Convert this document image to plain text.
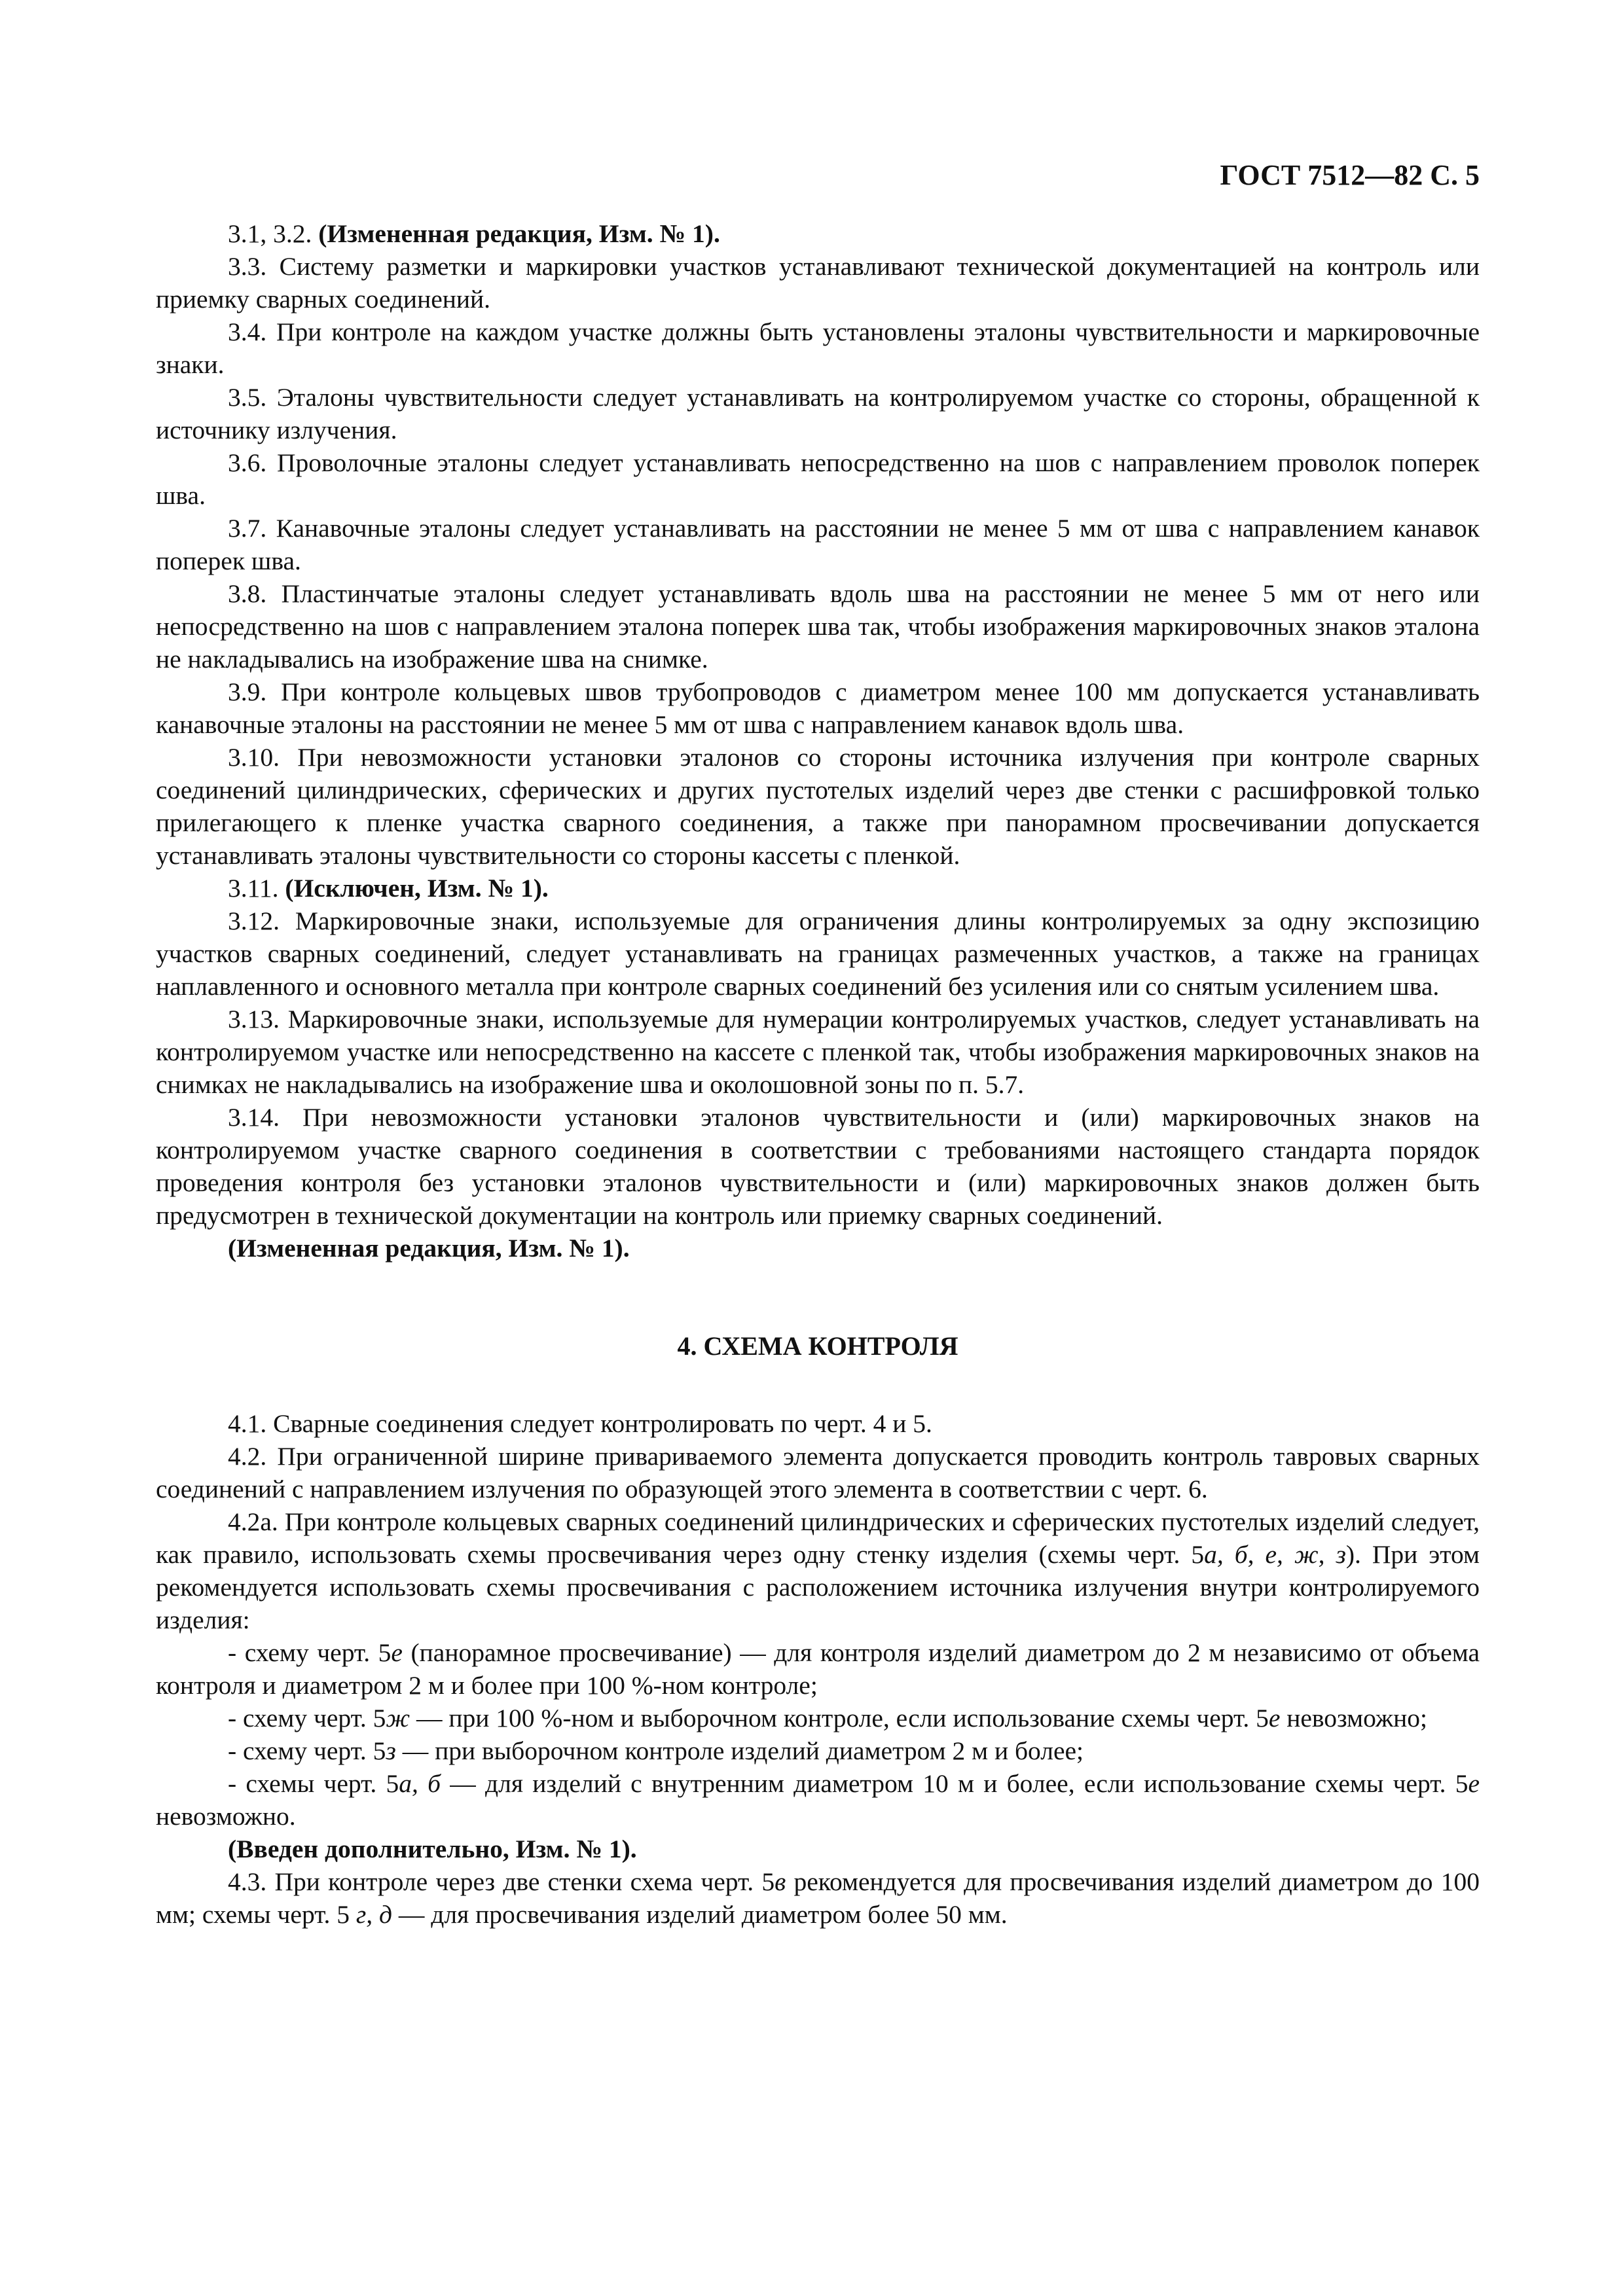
ГОСТ 7512—82 С. 5

3.1, 3.2. (Измененная редакция, Изм. № 1).

3.3. Систему разметки и маркировки участков устанавливают технической документацией на контроль или приемку сварных соединений.

3.4. При контроле на каждом участке должны быть установлены эталоны чувствительности и маркировочные знаки.

3.5. Эталоны чувствительности следует устанавливать на контролируемом участке со стороны, обращенной к источнику излучения.

3.6. Проволочные эталоны следует устанавливать непосредственно на шов с направлением проволок поперек шва.

3.7. Канавочные эталоны следует устанавливать на расстоянии не менее 5 мм от шва с направлением канавок поперек шва.

3.8. Пластинчатые эталоны следует устанавливать вдоль шва на расстоянии не менее 5 мм от него или непосредственно на шов с направлением эталона поперек шва так, чтобы изображения маркировочных знаков эталона не накладывались на изображение шва на снимке.

3.9. При контроле кольцевых швов трубопроводов с диаметром менее 100 мм допускается устанавливать канавочные эталоны на расстоянии не менее 5 мм от шва с направлением канавок вдоль шва.

3.10. При невозможности установки эталонов со стороны источника излучения при контроле сварных соединений цилиндрических, сферических и других пустотелых изделий через две стенки с расшифровкой только прилегающего к пленке участка сварного соединения, а также при панорамном просвечивании допускается устанавливать эталоны чувствительности со стороны кассеты с пленкой.

3.11. (Исключен, Изм. № 1).

3.12. Маркировочные знаки, используемые для ограничения длины контролируемых за одну экспозицию участков сварных соединений, следует устанавливать на границах размеченных участков, а также на границах наплавленного и основного металла при контроле сварных соединений без усиления или со снятым усилением шва.

3.13. Маркировочные знаки, используемые для нумерации контролируемых участков, следует устанавливать на контролируемом участке или непосредственно на кассете с пленкой так, чтобы изображения маркировочных знаков на снимках не накладывались на изображение шва и околошовной зоны по п. 5.7.

3.14. При невозможности установки эталонов чувствительности и (или) маркировочных знаков на контролируемом участке сварного соединения в соответствии с требованиями настоящего стандарта порядок проведения контроля без установки эталонов чувствительности и (или) маркировочных знаков должен быть предусмотрен в технической документации на контроль или приемку сварных соединений.

(Измененная редакция, Изм. № 1).

4. СХЕМА КОНТРОЛЯ

4.1. Сварные соединения следует контролировать по черт. 4 и 5.

4.2. При ограниченной ширине привариваемого элемента допускается проводить контроль тавровых сварных соединений с направлением излучения по образующей этого элемента в соответствии с черт. 6.

4.2а. При контроле кольцевых сварных соединений цилиндрических и сферических пустотелых изделий следует, как правило, использовать схемы просвечивания через одну стенку изделия (схемы черт. 5а, б, е, ж, з). При этом рекомендуется использовать схемы просвечивания с расположением источника излучения внутри контролируемого изделия:

- схему черт. 5е (панорамное просвечивание) — для контроля изделий диаметром до 2 м независимо от объема контроля и диаметром 2 м и более при 100 %-ном контроле;

- схему черт. 5ж — при 100 %-ном и выборочном контроле, если использование схемы черт. 5е невозможно;

- схему черт. 5з — при выборочном контроле изделий диаметром 2 м и более;

- схемы черт. 5а, б — для изделий с внутренним диаметром 10 м и более, если использование схемы черт. 5е невозможно.

(Введен дополнительно, Изм. № 1).

4.3. При контроле через две стенки схема черт. 5в рекомендуется для просвечивания изделий диаметром до 100 мм; схемы черт. 5 г, д — для просвечивания изделий диаметром более 50 мм.
